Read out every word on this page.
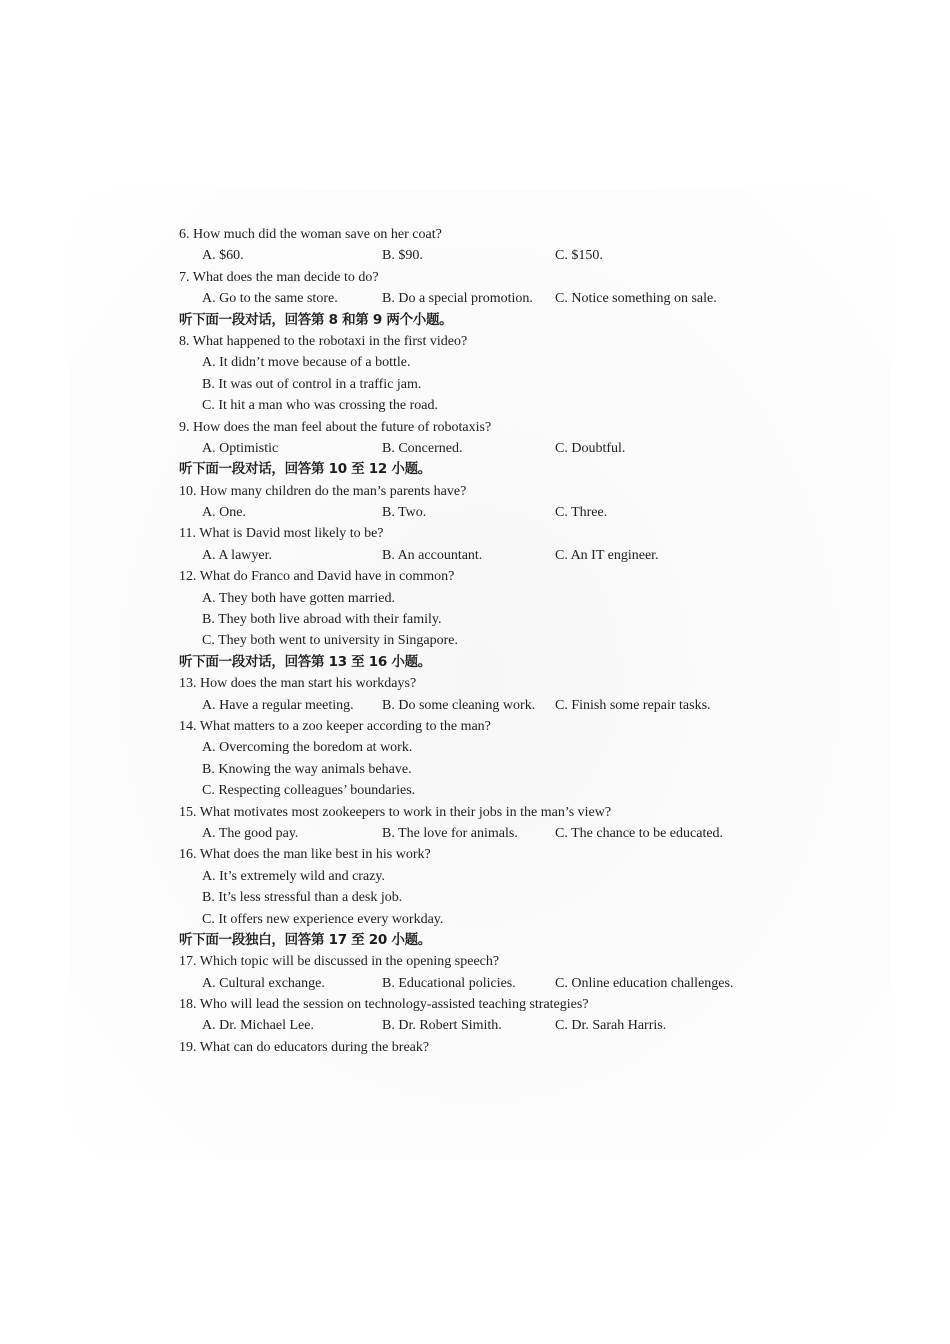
6. How much did the woman save on her coat?
A. $60.	B. $90.	C. $150.
7. What does the man decide to do?
A. Go to the same store.	B. Do a special promotion. C. Notice something on sale.
听下面一段对话，回答第 8 和第 9 两个小题。
8. What happened to the robotaxi in the first video?
A. It didn’t move because of a bottle.
B. It was out of control in a traffic jam.
C. It hit a man who was crossing the road.
9. How does the man feel about the future of robotaxis?
A. Optimistic	B. Concerned.	C. Doubtful.
听下面一段对话，回答第 10 至 12 小题。
10. How many children do the man’s parents have?
A. One.	B. Two.	C. Three.
11. What is David most likely to be?
A. A lawyer.	B. An accountant.	C. An IT engineer.
12. What do Franco and David have in common?
A. They both have gotten married.
B. They both live abroad with their family.
C. They both went to university in Singapore.
听下面一段对话，回答第 13 至 16 小题。
13. How does the man start his workdays?
A. Have a regular meeting. B. Do some cleaning work. C. Finish some repair tasks.
14. What matters to a zoo keeper according to the man?
A. Overcoming the boredom at work.
B. Knowing the way animals behave.
C. Respecting colleagues’ boundaries.
15. What motivates most zookeepers to work in their jobs in the man’s view?
A. The good pay.	B. The love for animals.	C. The chance to be educated.
16. What does the man like best in his work?
A. It’s extremely wild and crazy.
B. It’s less stressful than a desk job.
C. It offers new experience every workday.
听下面一段独白，回答第 17 至 20 小题。
17. Which topic will be discussed in the opening speech?
A. Cultural exchange.	B. Educational policies.	C. Online education challenges.
18. Who will lead the session on technology-assisted teaching strategies?
A. Dr. Michael Lee.	B. Dr. Robert Simith.	C. Dr. Sarah Harris.
19. What can do educators during the break?
